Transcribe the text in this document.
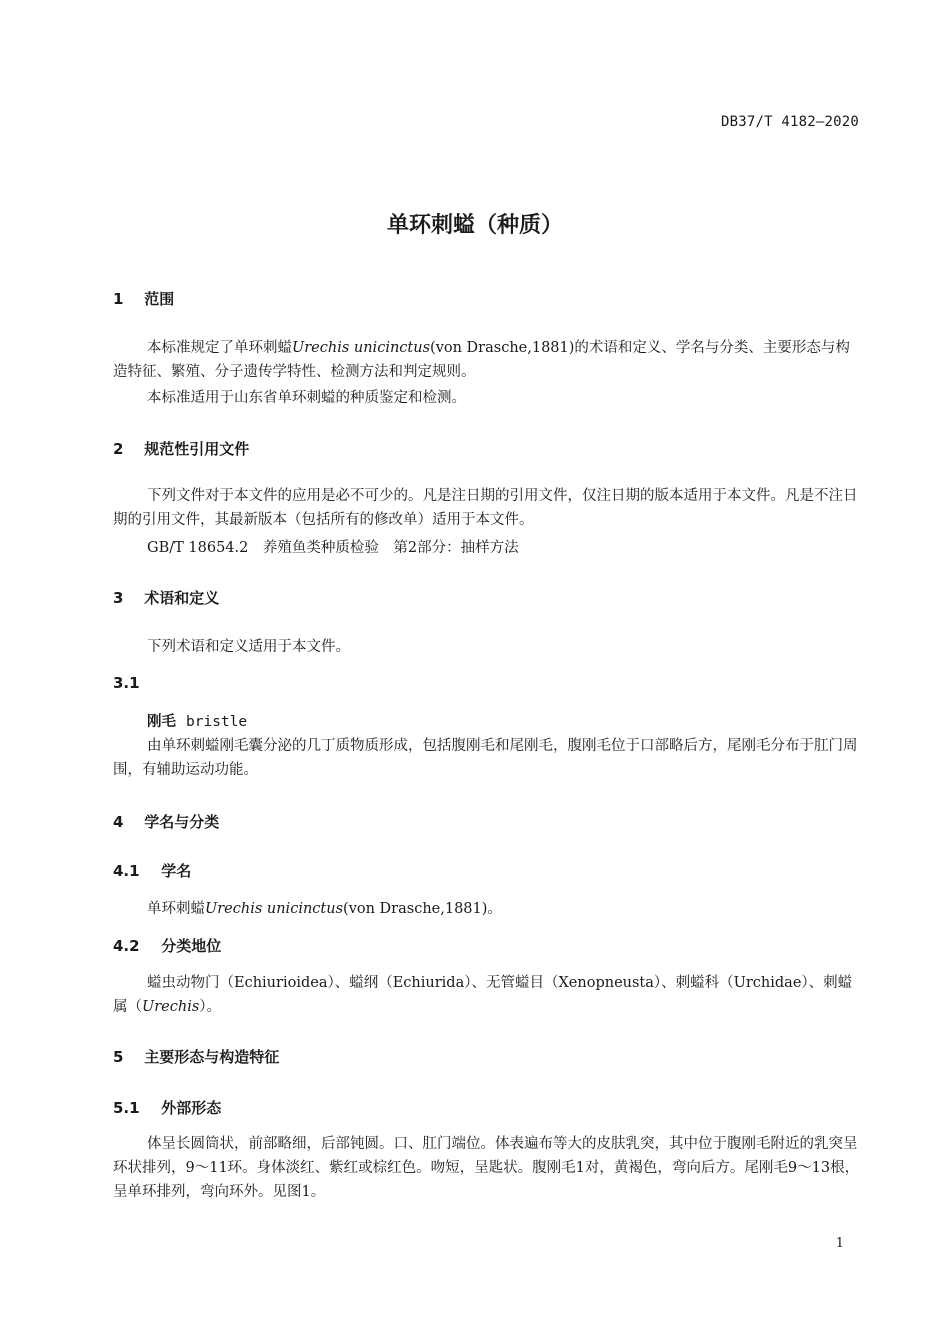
DB37/T 4182—2020
单环刺螠（种质）
1 范围
本标准规定了单环刺螠Urechis unicinctus(von Drasche,1881)的术语和定义、学名与分类、主要形态与构造特征、繁殖、分子遗传学特性、检测方法和判定规则。
本标准适用于山东省单环刺螠的种质鉴定和检测。
2 规范性引用文件
下列文件对于本文件的应用是必不可少的。凡是注日期的引用文件，仅注日期的版本适用于本文件。凡是不注日期的引用文件，其最新版本（包括所有的修改单）适用于本文件。
GB/T 18654.2　养殖鱼类种质检验　第2部分：抽样方法
3 术语和定义
下列术语和定义适用于本文件。
3.1
刚毛 bristle
由单环刺螠刚毛囊分泌的几丁质物质形成，包括腹刚毛和尾刚毛，腹刚毛位于口部略后方，尾刚毛分布于肛门周围，有辅助运动功能。
4 学名与分类
4.1 学名
单环刺螠Urechis unicinctus(von Drasche,1881)。
4.2 分类地位
螠虫动物门（Echiurioidea）、螠纲（Echiurida）、无管螠目（Xenopneusta）、刺螠科（Urchidae）、刺螠属（Urechis）。
5 主要形态与构造特征
5.1 外部形态
体呈长圆筒状，前部略细，后部钝圆。口、肛门端位。体表遍布等大的皮肤乳突，其中位于腹刚毛附近的乳突呈环状排列，9～11环。身体淡红、紫红或棕红色。吻短，呈匙状。腹刚毛1对，黄褐色，弯向后方。尾刚毛9～13根，呈单环排列，弯向环外。见图1。
1
